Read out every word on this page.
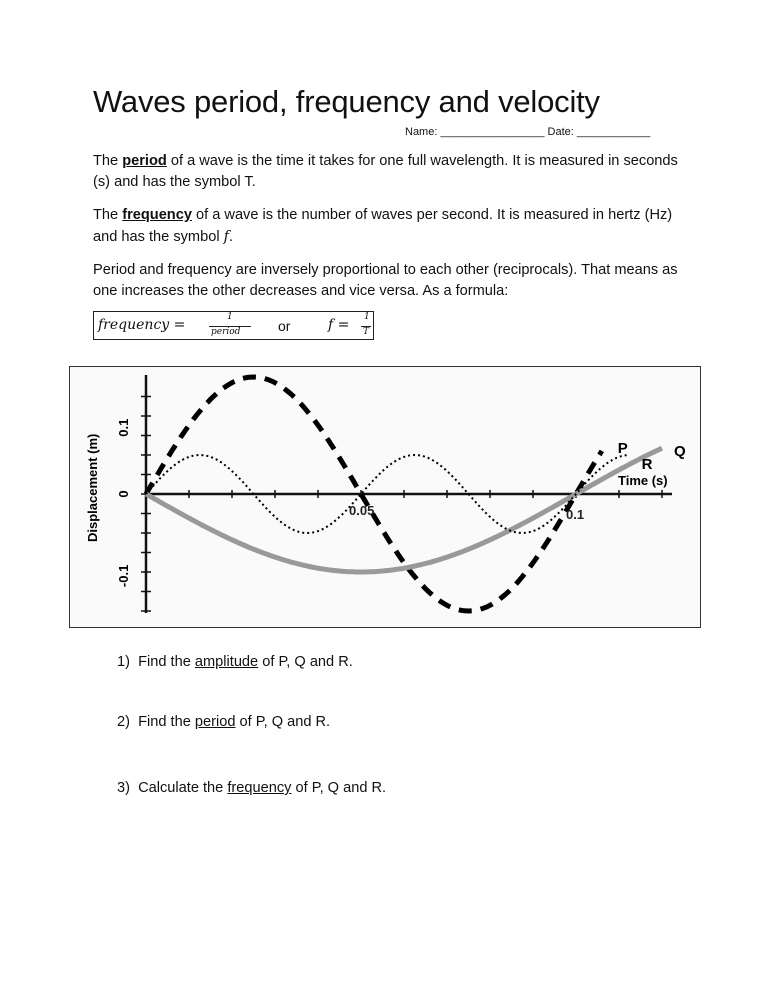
Waves period, frequency and velocity
Name: _________________ Date: ____________

The period of a wave is the time it takes for one full wavelength. It is measured in seconds (s) and has the symbol T.

The frequency of a wave is the number of waves per second. It is measured in hertz (Hz) and has the symbol f.

Period and frequency are inversely proportional to each other (reciprocals). That means as one increases the other decreases and vice versa. As a formula:

frequency =	1
period	or	f = 1
T
P	Q
R
Time (s)
Displacement (m)	0.05	0.1
0.1
0
-0.1
1) Find the amplitude of P, Q and R.
2) Find the period of P, Q and R.
3) Calculate the frequency of P, Q and R.
